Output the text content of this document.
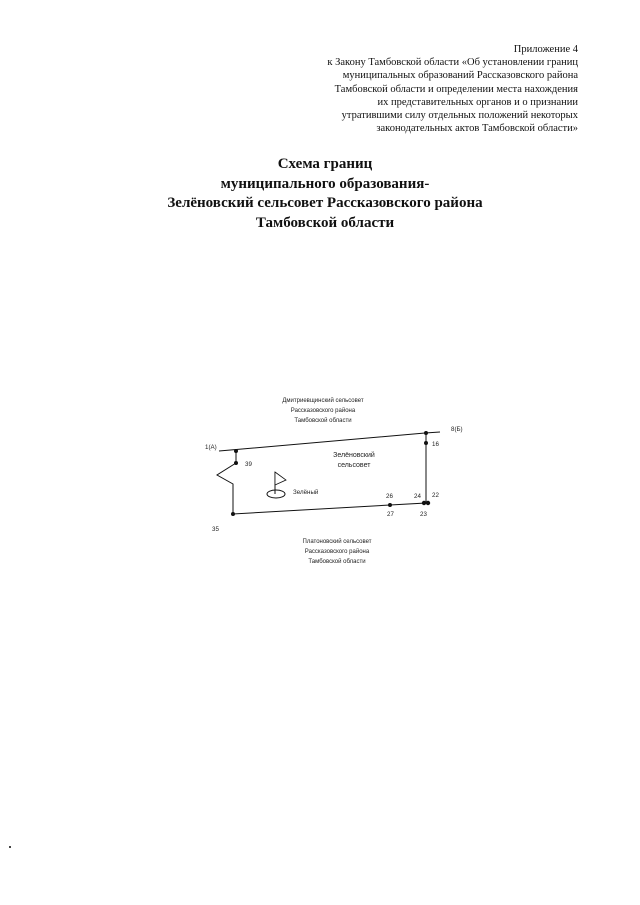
Приложение 4
к Закону Тамбовской области «Об установлении границ
муниципальных образований Рассказовского района
Тамбовской области и определении места нахождения
их представительных органов и о признании
утратившими силу отдельных положений некоторых
законодательных актов Тамбовской области»
Схема границ
муниципального образования-
Зелёновский сельсовет Рассказовского района
Тамбовской области
Дмитриевщинский сельсовет
Рассказовского района
Тамбовской области
1(А)
8(Б)
16
39
35
26
27
24 22
23
Зелёновский
сельсовет
Зелёный
Платоновский сельсовет
Рассказовского района
Тамбовской области
